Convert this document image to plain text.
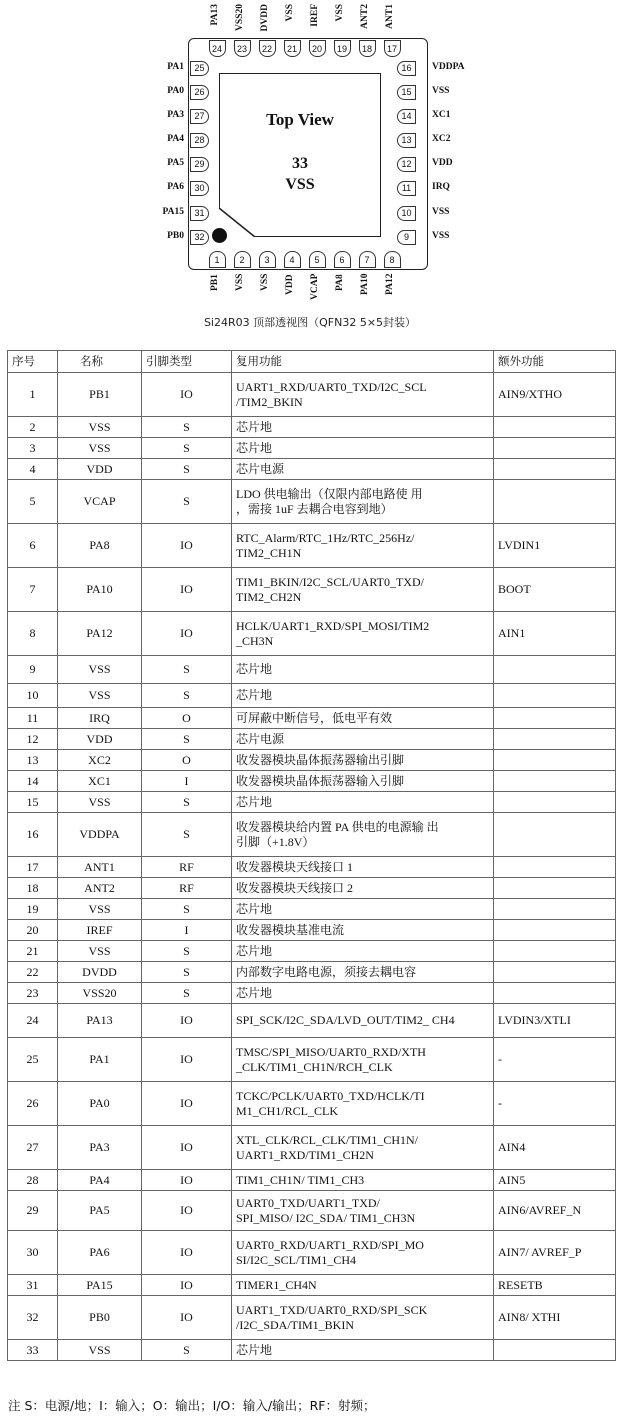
Top View
33
VSS
24
PA13
23
VSS20
22
DVDD
21
VSS
20
IREF
19
VSS
18
ANT2
17
ANT1
1
PB1
2
VSS
3
VSS
4
VDD
5
VCAP
6
PA8
7
PA10
8
PA12
25
PA1
26
PA0
27
PA3
28
PA4
29
PA5
30
PA6
31
PA15
32
PB0
16	VDDPA
15	VSS
14	XC1
13	XC2
12	VDD
11	IRQ
10	VSS
9	VSS
Si24R03 顶部透视图（QFN32 5×5封装）
序号	名称	引脚类型	复用功能	额外功能
1	PB1	IO	UART1_RXD/UART0_TXD/I2C_SCL
/TIM2_BKIN	AIN9/XTHO
2	VSS	S	芯片地	
3	VSS	S	芯片地	
4	VDD	S	芯片电源	
5	VCAP	S	LDO 供电输出（仅限内部电路使 用
，需接 1uF 去耦合电容到地）	
6	PA8	IO	RTC_Alarm/RTC_1Hz/RTC_256Hz/
TIM2_CH1N	LVDIN1
7	PA10	IO	TIM1_BKIN/I2C_SCL/UART0_TXD/
TIM2_CH2N	BOOT
8	PA12	IO	HCLK/UART1_RXD/SPI_MOSI/TIM2
_CH3N	AIN1
9	VSS	S	芯片地	
10	VSS	S	芯片地	
11	IRQ	O	可屏蔽中断信号，低电平有效	
12	VDD	S	芯片电源	
13	XC2	O	收发器模块晶体振荡器输出引脚	
14	XC1	I	收发器模块晶体振荡器输入引脚	
15	VSS	S	芯片地	
16	VDDPA	S	收发器模块给内置 PA 供电的电源输 出
引脚（+1.8V）	
17	ANT1	RF	收发器模块天线接口 1	
18	ANT2	RF	收发器模块天线接口 2	
19	VSS	S	芯片地	
20	IREF	I	收发器模块基准电流	
21	VSS	S	芯片地	
22	DVDD	S	内部数字电路电源，须接去耦电容	
23	VSS20	S	芯片地	
24	PA13	IO	SPI_SCK/I2C_SDA/LVD_OUT/TIM2_ CH4	LVDIN3/XTLI
25	PA1	IO	TMSC/SPI_MISO/UART0_RXD/XTH
_CLK/TIM1_CH1N/RCH_CLK	-
26	PA0	IO	TCKC/PCLK/UART0_TXD/HCLK/TI
M1_CH1/RCL_CLK	-
27	PA3	IO	XTL_CLK/RCL_CLK/TIM1_CH1N/
UART1_RXD/TIM1_CH2N	AIN4
28	PA4	IO	TIM1_CH1N/ TIM1_CH3	AIN5
29	PA5	IO	UART0_TXD/UART1_TXD/
SPI_MISO/ I2C_SDA/ TIM1_CH3N	AIN6/AVREF_N
30	PA6	IO	UART0_RXD/UART1_RXD/SPI_MO
SI/I2C_SCL/TIM1_CH4	AIN7/ AVREF_P
31	PA15	IO	TIMER1_CH4N	RESETB
32	PB0	IO	UART1_TXD/UART0_RXD/SPI_SCK
/I2C_SDA/TIM1_BKIN	AIN8/ XTHI
33	VSS	S	芯片地	
注 S：电源/地；I：输入；O：输出；I/O：输入/输出；RF：射频；
